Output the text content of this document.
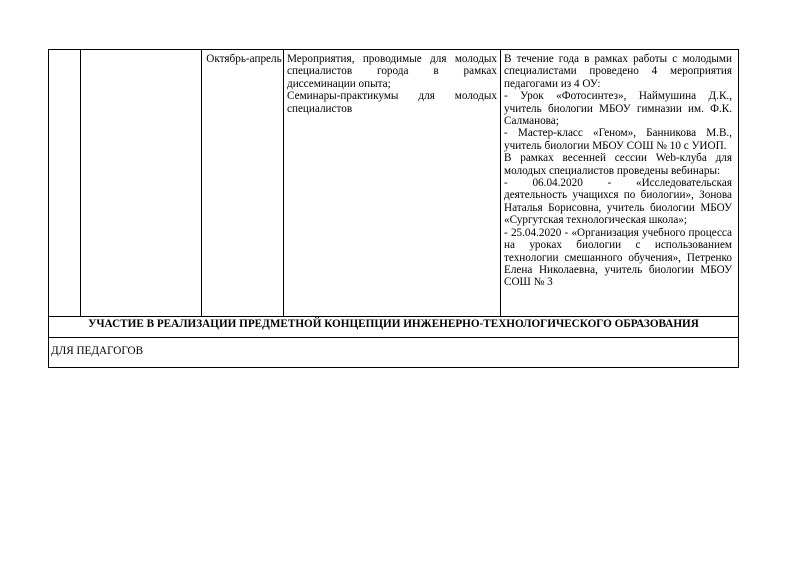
Октябрь-апрель Мероприятия, проводимые для молодых специалистов города в рамках диссеминации опыта;
Семинары-практикумы для молодых специалистов
В течение года в рамках работы с молодыми специалистами проведено 4 мероприятия педагогами из 4 ОУ:
- Урок «Фотосинтез», Наймушина Д.К., учитель биологии МБОУ гимназии им. Ф.К. Салманова;
- Мастер-класс «Геном», Банникова М.В., учитель биологии МБОУ СОШ № 10 с УИОП.
В рамках весенней сессии Web-клуба для молодых специалистов проведены вебинары:
- 06.04.2020 - «Исследовательская деятельность учащихся по биологии», Зонова Наталья Борисовна, учитель биологии МБОУ «Сургутская технологическая школа»;
- 25.04.2020 - «Организация учебного процесса на уроках биологии с использованием технологии смешанного обучения», Петренко Елена Николаевна, учитель биологии МБОУ СОШ № 3
УЧАСТИЕ В РЕАЛИЗАЦИИ ПРЕДМЕТНОЙ КОНЦЕПЦИИ ИНЖЕНЕРНО-ТЕХНОЛОГИЧЕСКОГО ОБРАЗОВАНИЯ
ДЛЯ ПЕДАГОГОВ
